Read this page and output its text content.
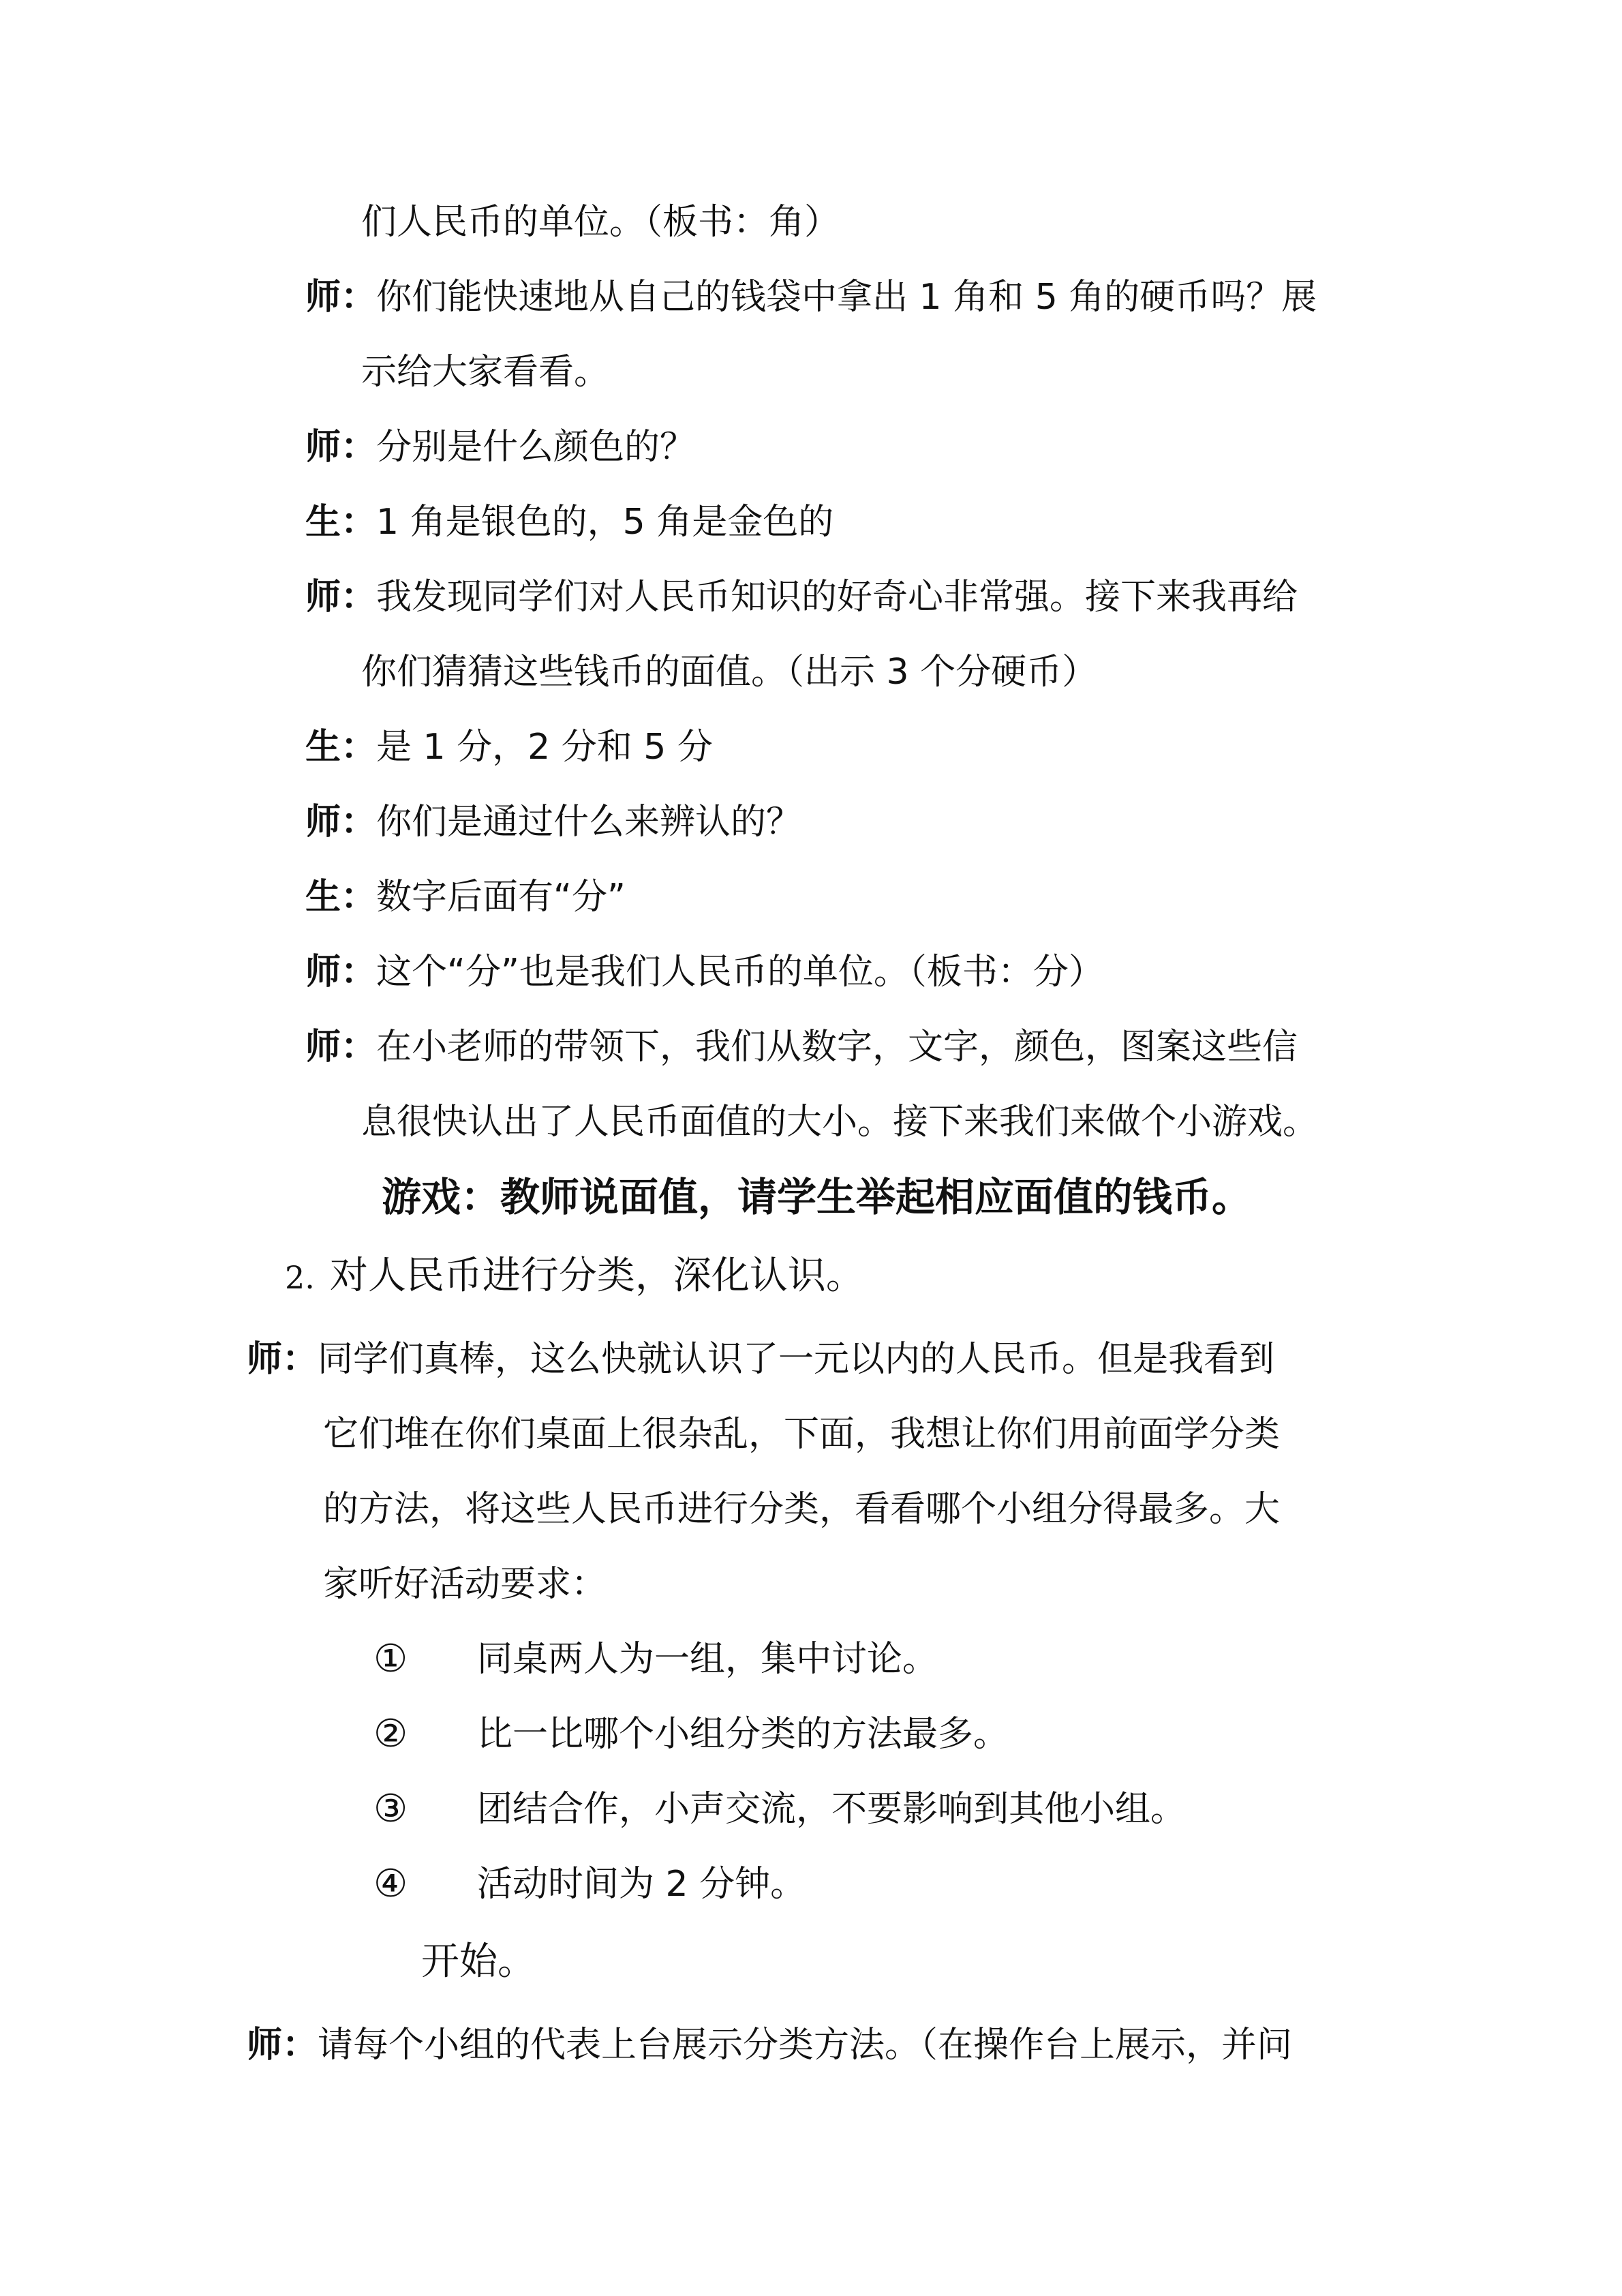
们人民币的单位。（板书：角）
师：你们能快速地从自己的钱袋中拿出 1 角和 5 角的硬币吗？展
示给大家看看。
师：分别是什么颜色的？
生：1 角是银色的，5 角是金色的
师：我发现同学们对人民币知识的好奇心非常强。接下来我再给
你们猜猜这些钱币的面值。（出示 3 个分硬币）
生：是 1 分，2 分和 5 分
师：你们是通过什么来辨认的？
生：数字后面有“分”
师：这个“分”也是我们人民币的单位。（板书：分）
师：在小老师的带领下，我们从数字，文字，颜色，图案这些信
息很快认出了人民币面值的大小。接下来我们来做个小游戏。
游戏：教师说面值，请学生举起相应面值的钱币。
2. 对人民币进行分类，深化认识。
师：同学们真棒，这么快就认识了一元以内的人民币。但是我看到
它们堆在你们桌面上很杂乱，下面，我想让你们用前面学分类
的方法，将这些人民币进行分类，看看哪个小组分得最多。大
家听好活动要求：
① 同桌两人为一组，集中讨论。
② 比一比哪个小组分类的方法最多。
③ 团结合作，小声交流，不要影响到其他小组。
④ 活动时间为 2 分钟。
开始。
师：请每个小组的代表上台展示分类方法。（在操作台上展示，并问
